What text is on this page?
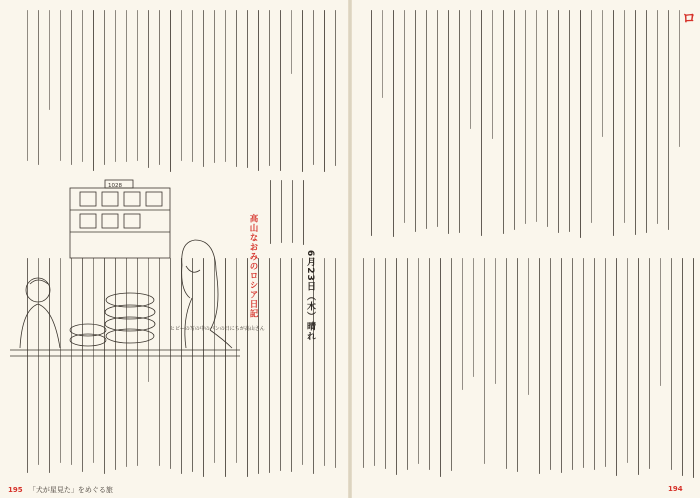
1028
ヒビーの写の中のパンの日にちが高山さん
高山なおみのロシア日記	6月23日（木）晴れ
ロ
195 「犬が星見た」をめぐる旅	194
